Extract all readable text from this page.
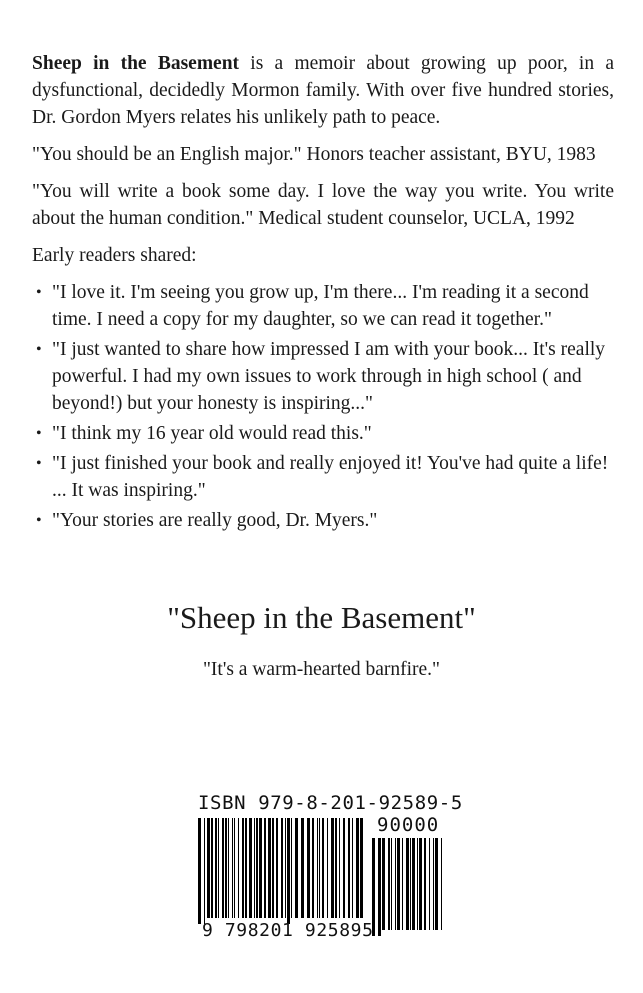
Sheep in the Basement is a memoir about growing up poor, in a dysfunctional, decidedly Mormon family. With over five hundred stories, Dr. Gordon Myers relates his unlikely path to peace.

"You should be an English major." Honors teacher assistant, BYU, 1983

"You will write a book some day. I love the way you write. You write about the human condition." Medical student counselor, UCLA, 1992

Early readers shared:

• "I love it. I'm seeing you grow up, I'm there... I'm reading it a second time. I need a copy for my daughter, so we can read it together."
• "I just wanted to share how impressed I am with your book... It's really powerful. I had my own issues to work through in high school ( and beyond!) but your honesty is inspiring..."
• "I think my 16 year old would read this."
• "I just finished your book and really enjoyed it! You've had quite a life! ... It was inspiring."
• "Your stories are really good, Dr. Myers."
"Sheep in the Basement"
"It's a warm-hearted barnfire."
ISBN 979-8-201-92589-5
90000
9 798201 925895
